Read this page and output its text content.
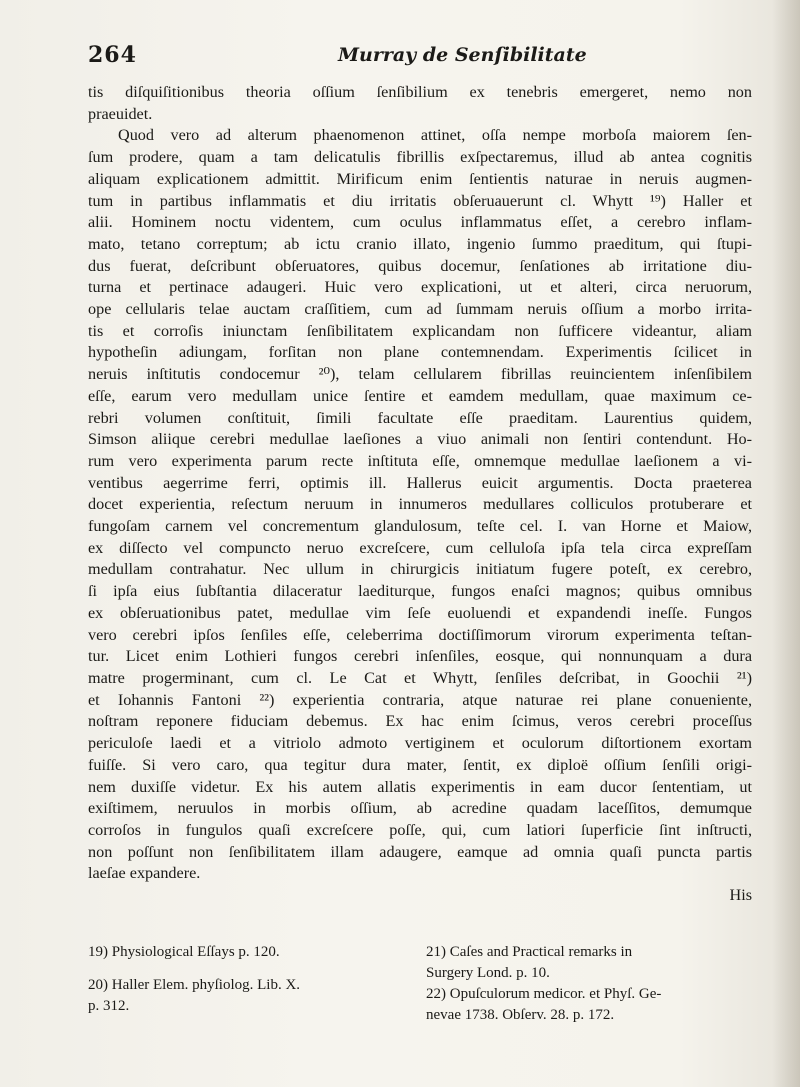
264	Murray de Senſibilitate
tis diſquiſitionibus theoria oſſium ſenſibilium ex tenebris emergeret, nemo non
praeuidet.
Quod vero ad alterum phaenomenon attinet, oſſa nempe morboſa maiorem ſen-
ſum prodere, quam a tam delicatulis fibrillis exſpectaremus, illud ab antea cognitis
aliquam explicationem admittit. Mirificum enim ſentientis naturae in neruis augmen-
tum in partibus inflammatis et diu irritatis obſeruauerunt cl. Whytt ¹⁹) Haller et
alii. Hominem noctu videntem, cum oculus inflammatus eſſet, a cerebro inflam-
mato, tetano correptum; ab ictu cranio illato, ingenio ſummo praeditum, qui ſtupi-
dus fuerat, deſcribunt obſeruatores, quibus docemur, ſenſationes ab irritatione diu-
turna et pertinace adaugeri. Huic vero explicationi, ut et alteri, circa neruorum,
ope cellularis telae auctam craſſitiem, cum ad ſummam neruis oſſium a morbo irrita-
tis et corroſis iniunctam ſenſibilitatem explicandam non ſufficere videantur, aliam
hypotheſin adiungam, forſitan non plane contemnendam. Experimentis ſcilicet in
neruis inſtitutis condocemur ²⁰), telam cellularem fibrillas reuincientem inſenſibilem
eſſe, earum vero medullam unice ſentire et eamdem medullam, quae maximum ce-
rebri volumen conſtituit, ſimili facultate eſſe praeditam. Laurentius quidem,
Simson aliique cerebri medullae laeſiones a viuo animali non ſentiri contendunt. Ho-
rum vero experimenta parum recte inſtituta eſſe, omnemque medullae laeſionem a vi-
ventibus aegerrime ferri, optimis ill. Hallerus euicit argumentis. Docta praeterea
docet experientia, reſectum neruum in innumeros medullares colliculos protuberare et
fungoſam carnem vel concrementum glandulosum, teſte cel. I. van Horne et Maiow,
ex diſſecto vel compuncto neruo excreſcere, cum celluloſa ipſa tela circa expreſſam
medullam contrahatur. Nec ullum in chirurgicis initiatum fugere poteſt, ex cerebro,
ſi ipſa eius ſubſtantia dilaceratur laediturque, fungos enaſci magnos; quibus omnibus
ex obſeruationibus patet, medullae vim ſeſe euoluendi et expandendi ineſſe. Fungos
vero cerebri ipſos ſenſiles eſſe, celeberrima doctiſſimorum virorum experimenta teſtan-
tur. Licet enim Lothieri fungos cerebri inſenſiles, eosque, qui nonnunquam a dura
matre progerminant, cum cl. Le Cat et Whytt, ſenſiles deſcribat, in Goochii ²¹)
et Iohannis Fantoni ²²) experientia contraria, atque naturae rei plane conueniente,
noſtram reponere fiduciam debemus. Ex hac enim ſcimus, veros cerebri proceſſus
periculoſe laedi et a vitriolo admoto vertiginem et oculorum diſtortionem exortam
fuiſſe. Si vero caro, qua tegitur dura mater, ſentit, ex diploë oſſium ſenſili origi-
nem duxiſſe videtur. Ex his autem allatis experimentis in eam ducor ſententiam, ut
exiſtimem, neruulos in morbis oſſium, ab acredine quadam laceſſitos, demumque
corroſos in fungulos quaſi excreſcere poſſe, qui, cum latiori ſuperficie ſint inſtructi,
non poſſunt non ſenſibilitatem illam adaugere, eamque ad omnia quaſi puncta partis
laeſae expandere.
His
19) Physiological Eſſays p. 120.
20) Haller Elem. phyſiolog. Lib. X.
p. 312.
21) Caſes and Practical remarks in
Surgery Lond. p. 10.
22) Opuſculorum medicor. et Phyſ. Ge-
nevae 1738. Obſerv. 28. p. 172.
